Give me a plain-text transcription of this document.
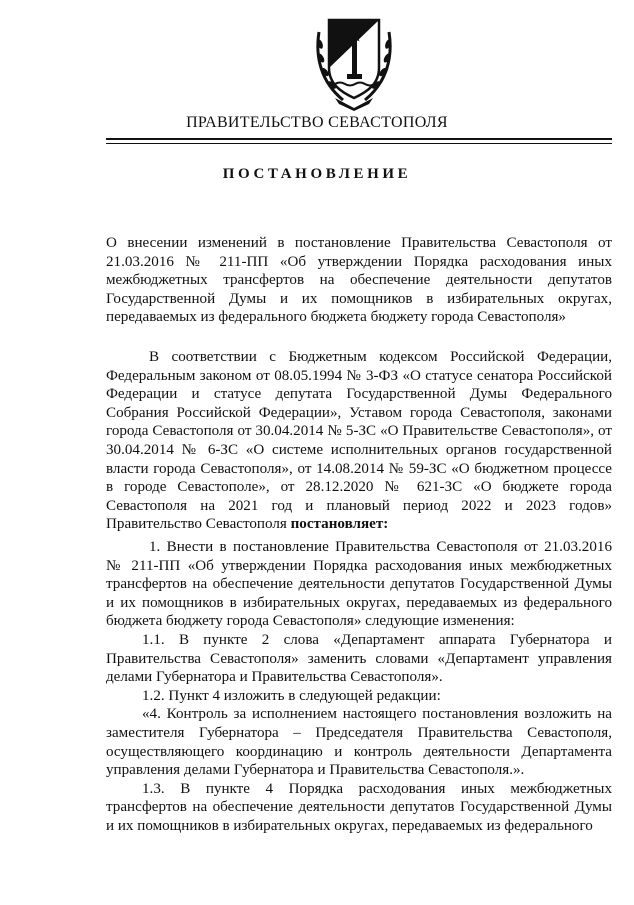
ПРАВИТЕЛЬСТВО СЕВАСТОПОЛЯ
ПОСТАНОВЛЕНИЕ

О внесении изменений в постановление Правительства Севастополя от 21.03.2016 № 211-ПП «Об утверждении Порядка расходования иных межбюджетных трансфертов на обеспечение деятельности депутатов Государственной Думы и их помощников в избирательных округах, передаваемых из федерального бюджета бюджету города Севастополя»

В соответствии с Бюджетным кодексом Российской Федерации, Федеральным законом от 08.05.1994 № 3-ФЗ «О статусе сенатора Российской Федерации и статусе депутата Государственной Думы Федерального Собрания Российской Федерации», Уставом города Севастополя, законами города Севастополя от 30.04.2014 № 5-ЗС «О Правительстве Севастополя», от 30.04.2014 № 6-ЗС «О системе исполнительных органов государственной власти города Севастополя», от 14.08.2014 № 59-ЗС «О бюджетном процессе в городе Севастополе», от 28.12.2020 № 621-ЗС «О бюджете города Севастополя на 2021 год и плановый период 2022 и 2023 годов» Правительство Севастополя постановляет:

1. Внести в постановление Правительства Севастополя от 21.03.2016 № 211-ПП «Об утверждении Порядка расходования иных межбюджетных трансфертов на обеспечение деятельности депутатов Государственной Думы и их помощников в избирательных округах, передаваемых из федерального бюджета бюджету города Севастополя» следующие изменения:

1.1. В пункте 2 слова «Департамент аппарата Губернатора и Правительства Севастополя» заменить словами «Департамент управления делами Губернатора и Правительства Севастополя».

1.2. Пункт 4 изложить в следующей редакции:

«4. Контроль за исполнением настоящего постановления возложить на заместителя Губернатора – Председателя Правительства Севастополя, осуществляющего координацию и контроль деятельности Департамента управления делами Губернатора и Правительства Севастополя.».

1.3. В пункте 4 Порядка расходования иных межбюджетных трансфертов на обеспечение деятельности депутатов Государственной Думы и их помощников в избирательных округах, передаваемых из федерального
